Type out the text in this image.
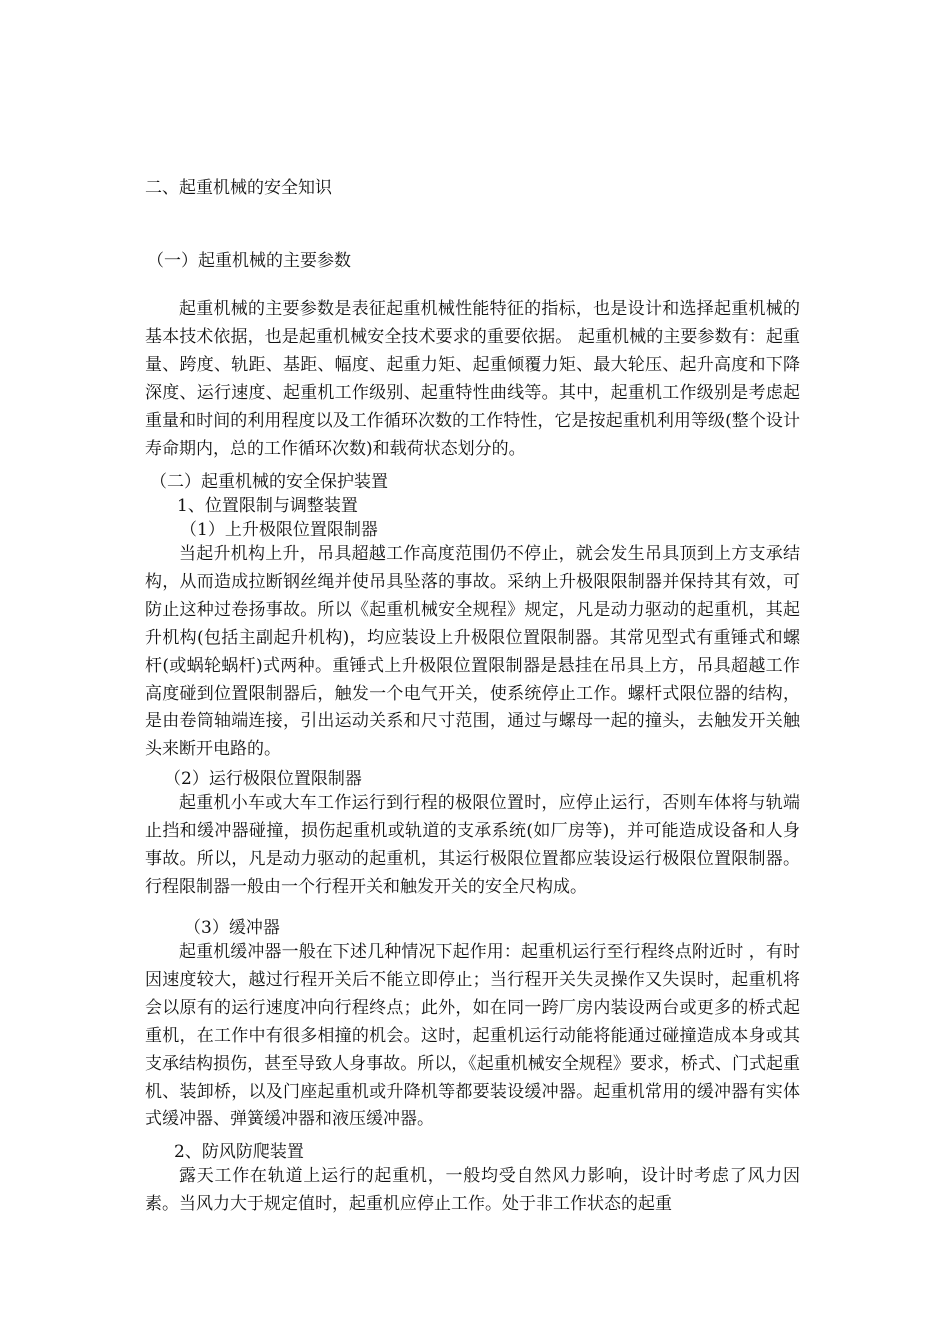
二、起重机械的安全知识

（一）起重机械的主要参数

起重机械的主要参数是表征起重机械性能特征的指标，也是设计和选择起重机械的基本技术依据，也是起重机械安全技术要求的重要依据。 起重机械的主要参数有：起重量、跨度、轨距、基距、幅度、起重力矩、起重倾覆力矩、最大轮压、起升高度和下降深度、运行速度、起重机工作级别、起重特性曲线等。其中，起重机工作级别是考虑起重量和时间的利用程度以及工作循环次数的工作特性，它是按起重机利用等级(整个设计寿命期内，总的工作循环次数)和载荷状态划分的。

（二）起重机械的安全保护装置

1、位置限制与调整装置

（1）上升极限位置限制器

当起升机构上升，吊具超越工作高度范围仍不停止，就会发生吊具顶到上方支承结构，从而造成拉断钢丝绳并使吊具坠落的事故。采纳上升极限限制器并保持其有效，可防止这种过卷扬事故。所以《起重机械安全规程》规定，凡是动力驱动的起重机，其起升机构(包括主副起升机构)，均应装设上升极限位置限制器。其常见型式有重锤式和螺杆(或蜗轮蜗杆)式两种。重锤式上升极限位置限制器是悬挂在吊具上方，吊具超越工作高度碰到位置限制器后，触发一个电气开关，使系统停止工作。螺杆式限位器的结构，是由卷筒轴端连接，引出运动关系和尺寸范围，通过与螺母一起的撞头，去触发开关触头来断开电路的。

（2）运行极限位置限制器

起重机小车或大车工作运行到行程的极限位置时，应停止运行，否则车体将与轨端止挡和缓冲器碰撞，损伤起重机或轨道的支承系统(如厂房等)，并可能造成设备和人身事故。所以，凡是动力驱动的起重机，其运行极限位置都应装设运行极限位置限制器。行程限制器一般由一个行程开关和触发开关的安全尺构成。

（3）缓冲器

起重机缓冲器一般在下述几种情况下起作用：起重机运行至行程终点附近时 ，有时因速度较大，越过行程开关后不能立即停止；当行程开关失灵操作又失误时，起重机将会以原有的运行速度冲向行程终点；此外，如在同一跨厂房内装设两台或更多的桥式起重机，在工作中有很多相撞的机会。这时，起重机运行动能将能通过碰撞造成本身或其支承结构损伤，甚至导致人身事故。所以，《起重机械安全规程》要求，桥式、门式起重机、装卸桥，以及门座起重机或升降机等都要装设缓冲器。起重机常用的缓冲器有实体式缓冲器、弹簧缓冲器和液压缓冲器。

2、防风防爬装置

露天工作在轨道上运行的起重机，一般均受自然风力影响，设计时考虑了风力因素。当风力大于规定值时，起重机应停止工作。处于非工作状态的起重
